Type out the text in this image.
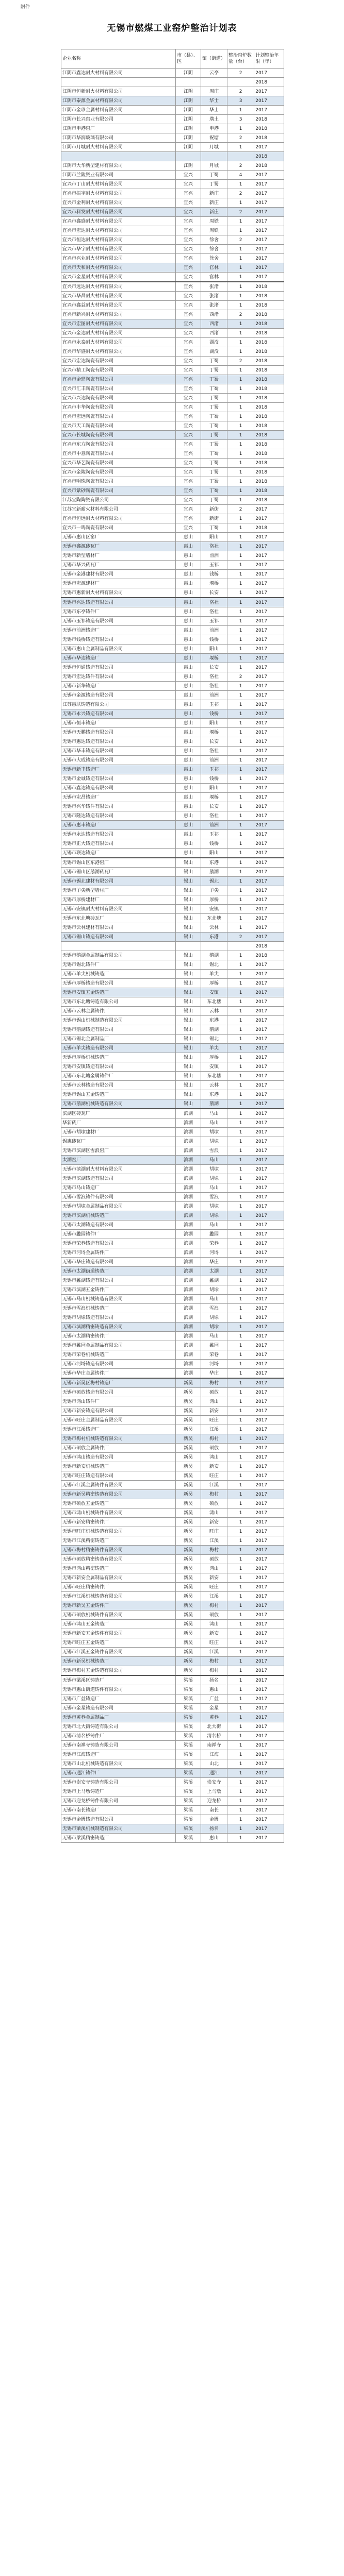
附件
无锡市燃煤工业窑炉整治计划表
企业名称	市（县）、区	镇（街道）	整治窑炉数量（台）	计划整治年限（年）
江阴市鑫达耐火材料有限公司	江阴	云亭	2	2017
				2018
江阴市恒新耐火材料有限公司	江阴	周庄	2	2017
江阴市泰源金属材料有限公司	江阴	华士	3	2017
江阴市金珍金属材料有限公司	江阴	华士	1	2017
江阴市长兴窑业有限公司	江阴	璜土	3	2018
江阴市申港窑厂	江阴	申港	1	2018
江阴市华润玻璃有限公司	江阴	祝塘	2	2018
江阴市月城耐火材料有限公司	江阴	月城	1	2017
				2018
江阴市大华新型建材有限公司	江阴	月城	2	2018
江阴市兰陵瓷业有限公司	宜兴	丁蜀	4	2017
宜兴市丁山耐火材料有限公司	宜兴	丁蜀	1	2017
宜兴市振宇耐火材料有限公司	宜兴	新庄	2	2017
宜兴市金利耐火材料有限公司	宜兴	新庄	1	2017
宜兴市科发耐火材料有限公司	宜兴	新庄	2	2017
宜兴市鑫盛耐火材料有限公司	宜兴	周铁	1	2017
宜兴市宏达耐火材料有限公司	宜兴	周铁	1	2017
宜兴市恒达耐火材料有限公司	宜兴	徐舍	2	2017
宜兴市华宇耐火材料有限公司	宜兴	徐舍	1	2017
宜兴市兴业耐火材料有限公司	宜兴	徐舍	1	2017
宜兴市天和耐火材料有限公司	宜兴	官林	1	2017
宜兴市金星耐火材料有限公司	宜兴	官林	1	2017
宜兴市远达耐火材料有限公司	宜兴	张渚	1	2018
宜兴市华昌耐火材料有限公司	宜兴	张渚	1	2018
宜兴市鑫益耐火材料有限公司	宜兴	张渚	1	2018
宜兴市新兴耐火材料有限公司	宜兴	西渚	2	2018
宜兴市宏图耐火材料有限公司	宜兴	西渚	1	2018
宜兴市金达耐火材料有限公司	宜兴	西渚	1	2018
宜兴市永泰耐火材料有限公司	宜兴	湖㳇	1	2018
宜兴市华盛耐火材料有限公司	宜兴	湖㳇	1	2018
宜兴市宏达陶瓷有限公司	宜兴	丁蜀	2	2018
宜兴市精工陶瓷有限公司	宜兴	丁蜀	1	2018
宜兴市金鼎陶瓷有限公司	宜兴	丁蜀	1	2018
宜兴市汇丰陶瓷有限公司	宜兴	丁蜀	1	2018
宜兴市兴达陶瓷有限公司	宜兴	丁蜀	1	2018
宜兴市丰华陶瓷有限公司	宜兴	丁蜀	1	2018
宜兴市宏远陶瓷有限公司	宜兴	丁蜀	1	2018
宜兴市天工陶瓷有限公司	宜兴	丁蜀	1	2018
宜兴市长城陶瓷有限公司	宜兴	丁蜀	1	2018
宜兴市东方陶瓷有限公司	宜兴	丁蜀	1	2018
宜兴市中意陶瓷有限公司	宜兴	丁蜀	1	2018
宜兴市华艺陶瓷有限公司	宜兴	丁蜀	1	2018
宜兴市金陵陶瓷有限公司	宜兴	丁蜀	1	2018
宜兴市明珠陶瓷有限公司	宜兴	丁蜀	1	2018
宜兴市紫砂陶瓷有限公司	宜兴	丁蜀	1	2018
江苏宜陶陶瓷有限公司	宜兴	丁蜀	1	2018
江苏宜新耐火材料有限公司	宜兴	新街	2	2017
宜兴市恒远耐火材料有限公司	宜兴	新街	1	2017
宜兴市一鸣陶瓷有限公司	宜兴	丁蜀	1	2018
无锡市惠山区窑厂	惠山	阳山	1	2017
无锡市鑫源砖瓦厂	惠山	洛社	1	2017
无锡市新型墙材厂	惠山	前洲	1	2017
无锡市华兴砖瓦厂	惠山	玉祁	1	2017
无锡市金港建材有限公司	惠山	钱桥	1	2017
无锡市宏源建材厂	惠山	堰桥	1	2017
无锡市惠新耐火材料有限公司	惠山	长安	1	2017
无锡市兴达铸造有限公司	惠山	洛社	1	2017
无锡市东亭铸件厂	惠山	洛社	1	2017
无锡市玉祁铸造有限公司	惠山	玉祁	1	2017
无锡市前洲铸造厂	惠山	前洲	1	2017
无锡市钱桥铸造有限公司	惠山	钱桥	1	2017
无锡市惠山金属制品有限公司	惠山	阳山	1	2017
无锡市华达铸造厂	惠山	堰桥	1	2017
无锡市恒通铸造有限公司	惠山	长安	1	2017
无锡市宏达铸件有限公司	惠山	洛社	2	2017
无锡市新华铸造厂	惠山	洛社	1	2017
无锡市金源铸造有限公司	惠山	前洲	1	2017
江苏惠联铸造有限公司	惠山	玉祁	1	2017
无锡市永兴铸造有限公司	惠山	钱桥	1	2017
无锡市恒丰铸造厂	惠山	阳山	1	2017
无锡市天鹏铸造有限公司	惠山	堰桥	1	2017
无锡市惠达铸造有限公司	惠山	长安	1	2017
无锡市华丰铸造有限公司	惠山	洛社	1	2017
无锡市大成铸造有限公司	惠山	前洲	1	2017
无锡市新丰铸造厂	惠山	玉祁	1	2017
无锡市金诚铸造有限公司	惠山	钱桥	1	2017
无锡市鑫达铸造有限公司	惠山	阳山	1	2017
无锡市宏昌铸造厂	惠山	堰桥	1	2017
无锡市兴华铸件有限公司	惠山	长安	1	2017
无锡市隆达铸造有限公司	惠山	洛社	1	2017
无锡市惠丰铸造厂	惠山	前洲	1	2017
无锡市永达铸造有限公司	惠山	玉祁	1	2017
无锡市正大铸造有限公司	惠山	钱桥	1	2017
无锡市联达铸造厂	惠山	阳山	1	2017
无锡市锡山区东港窑厂	锡山	东港	1	2017
无锡市锡山区鹅湖砖瓦厂	锡山	鹅湖	1	2017
无锡市锡北建材有限公司	锡山	锡北	1	2017
无锡市羊尖新型墙材厂	锡山	羊尖	1	2017
无锡市厚桥建材厂	锡山	厚桥	1	2017
无锡市安镇耐火材料有限公司	锡山	安镇	1	2017
无锡市东北塘砖瓦厂	锡山	东北塘	1	2017
无锡市云林建材有限公司	锡山	云林	1	2017
无锡市锡山铸造有限公司	锡山	东港	2	2017
				2018
无锡市鹅湖金属制品有限公司	锡山	鹅湖	1	2018
无锡市锡北铸件厂	锡山	锡北	1	2017
无锡市羊尖机械铸造厂	锡山	羊尖	1	2017
无锡市厚桥铸造有限公司	锡山	厚桥	1	2017
无锡市安镇五金铸造厂	锡山	安镇	1	2017
无锡市东北塘铸造有限公司	锡山	东北塘	1	2017
无锡市云林金属铸件厂	锡山	云林	1	2017
无锡市锡山机械制造有限公司	锡山	东港	1	2017
无锡市鹅湖铸造有限公司	锡山	鹅湖	1	2017
无锡市锡北金属制品厂	锡山	锡北	1	2017
无锡市羊尖铸造有限公司	锡山	羊尖	1	2017
无锡市厚桥机械铸造厂	锡山	厚桥	1	2017
无锡市安镇铸造有限公司	锡山	安镇	1	2017
无锡市东北塘金属铸件厂	锡山	东北塘	1	2017
无锡市云林铸造有限公司	锡山	云林	1	2017
无锡市锡山五金铸造厂	锡山	东港	1	2017
无锡市鹅湖机械铸造有限公司	锡山	鹅湖	1	2017
滨湖区砖瓦厂	滨湖	马山	1	2017
华新砖厂	滨湖	马山	1	2017
无锡市胡埭建材厂	滨湖	胡埭	1	2017
锡惠砖瓦厂	滨湖	胡埭	1	2017
无锡市滨湖区雪浪窑厂	滨湖	雪浪	1	2017
太湖窑厂	滨湖	马山	1	2017
无锡市滨湖耐火材料有限公司	滨湖	胡埭	1	2017
无锡市滨湖铸造有限公司	滨湖	胡埭	1	2017
无锡市马山铸造厂	滨湖	马山	1	2017
无锡市雪浪铸件有限公司	滨湖	雪浪	1	2017
无锡市胡埭金属制品有限公司	滨湖	胡埭	1	2017
无锡市滨湖机械铸造厂	滨湖	胡埭	1	2017
无锡市太湖铸造有限公司	滨湖	马山	1	2017
无锡市蠡园铸件厂	滨湖	蠡园	1	2017
无锡市荣巷铸造有限公司	滨湖	荣巷	1	2017
无锡市河埒金属铸件厂	滨湖	河埒	1	2017
无锡市华庄铸造有限公司	滨湖	华庄	1	2017
无锡市太湖街道铸造厂	滨湖	太湖	1	2017
无锡市蠡湖铸造有限公司	滨湖	蠡湖	1	2017
无锡市滨湖五金铸件厂	滨湖	胡埭	1	2017
无锡市马山机械铸造有限公司	滨湖	马山	1	2017
无锡市雪浪机械铸造厂	滨湖	雪浪	1	2017
无锡市胡埭铸造有限公司	滨湖	胡埭	1	2017
无锡市滨湖精密铸造有限公司	滨湖	胡埭	1	2017
无锡市太湖精密铸件厂	滨湖	马山	1	2017
无锡市蠡园金属制品有限公司	滨湖	蠡园	1	2017
无锡市荣巷机械铸造厂	滨湖	荣巷	1	2017
无锡市河埒铸造有限公司	滨湖	河埒	1	2017
无锡市华庄金属铸件厂	滨湖	华庄	1	2017
无锡市新吴区梅村铸造厂	新吴	梅村	1	2017
无锡市硕放铸造有限公司	新吴	硕放	1	2017
无锡市鸿山铸件厂	新吴	鸿山	1	2017
无锡市新安铸造有限公司	新吴	新安	1	2017
无锡市旺庄金属制品有限公司	新吴	旺庄	1	2017
无锡市江溪铸造厂	新吴	江溪	1	2017
无锡市梅村机械铸造有限公司	新吴	梅村	1	2017
无锡市硕放金属铸件厂	新吴	硕放	1	2017
无锡市鸿山铸造有限公司	新吴	鸿山	1	2017
无锡市新安机械铸造厂	新吴	新安	1	2017
无锡市旺庄铸造有限公司	新吴	旺庄	1	2017
无锡市江溪金属铸件有限公司	新吴	江溪	1	2017
无锡市新吴精密铸造有限公司	新吴	梅村	1	2017
无锡市硕放五金铸造厂	新吴	硕放	1	2017
无锡市鸿山机械铸件有限公司	新吴	鸿山	1	2017
无锡市新安精密铸件厂	新吴	新安	1	2017
无锡市旺庄机械铸造有限公司	新吴	旺庄	1	2017
无锡市江溪精密铸造厂	新吴	江溪	1	2017
无锡市梅村精密铸件有限公司	新吴	梅村	1	2017
无锡市硕放精密铸造有限公司	新吴	硕放	1	2017
无锡市鸿山精密铸造厂	新吴	鸿山	1	2017
无锡市新安金属制品有限公司	新吴	新安	1	2017
无锡市旺庄精密铸件厂	新吴	旺庄	1	2017
无锡市江溪机械铸造有限公司	新吴	江溪	1	2017
无锡市新吴五金铸件厂	新吴	梅村	1	2017
无锡市硕放机械铸件有限公司	新吴	硕放	1	2017
无锡市鸿山五金铸造厂	新吴	鸿山	1	2017
无锡市新安五金铸件有限公司	新吴	新安	1	2017
无锡市旺庄五金铸造厂	新吴	旺庄	1	2017
无锡市江溪五金铸件有限公司	新吴	江溪	1	2017
无锡市新吴机械铸造厂	新吴	梅村	1	2017
无锡市梅村五金铸造有限公司	新吴	梅村	1	2017
无锡市梁溪区铸造厂	梁溪	扬名	1	2017
无锡市惠山街道铸件有限公司	梁溪	惠山	1	2017
无锡市广益铸造厂	梁溪	广益	1	2017
无锡市金星铸造有限公司	梁溪	金星	1	2017
无锡市黄巷金属制品厂	梁溪	黄巷	1	2017
无锡市北大街铸造有限公司	梁溪	北大街	1	2017
无锡市清名桥铸件厂	梁溪	清名桥	1	2017
无锡市南禅寺铸造有限公司	梁溪	南禅寺	1	2017
无锡市江海铸造厂	梁溪	江海	1	2017
无锡市山北机械铸造有限公司	梁溪	山北	1	2017
无锡市通江铸件厂	梁溪	通江	1	2017
无锡市崇安寺铸造有限公司	梁溪	崇安寺	1	2017
无锡市上马墩铸造厂	梁溪	上马墩	1	2017
无锡市迎龙桥铸件有限公司	梁溪	迎龙桥	1	2017
无锡市南长铸造厂	梁溪	南长	1	2017
无锡市金匮铸造有限公司	梁溪	金匮	1	2017
无锡市梁溪机械制造有限公司	梁溪	扬名	1	2017
无锡市梁溪精密铸造厂	梁溪	惠山	1	2017
